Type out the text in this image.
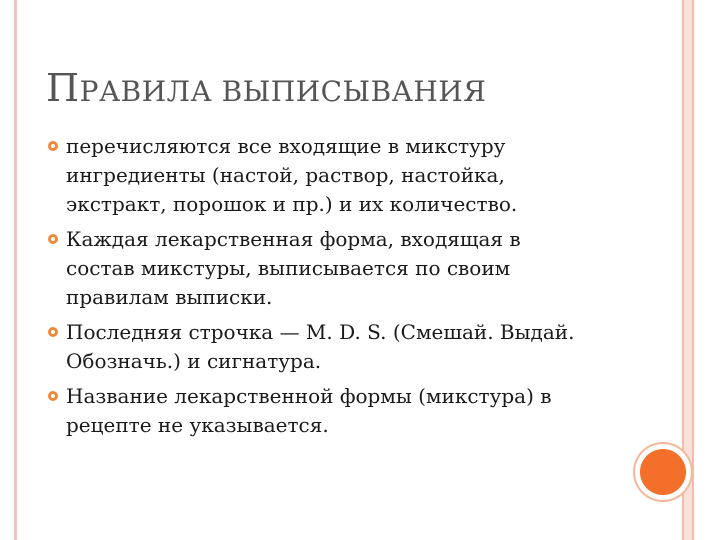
ПРАВИЛА ВЫПИСЫВАНИЯ
перечисляются все входящие в микстуру
ингредиенты (настой, раствор, настойка,
экстракт, порошок и пр.) и их количество.
Каждая лекарственная форма, входящая в
состав микстуры, выписывается по своим
правилам выписки.
Последняя строчка — M. D. S. (Смешай. Выдай.
Обозначь.) и сигнатура.
Название лекарственной формы (микстура) в
рецепте не указывается.
